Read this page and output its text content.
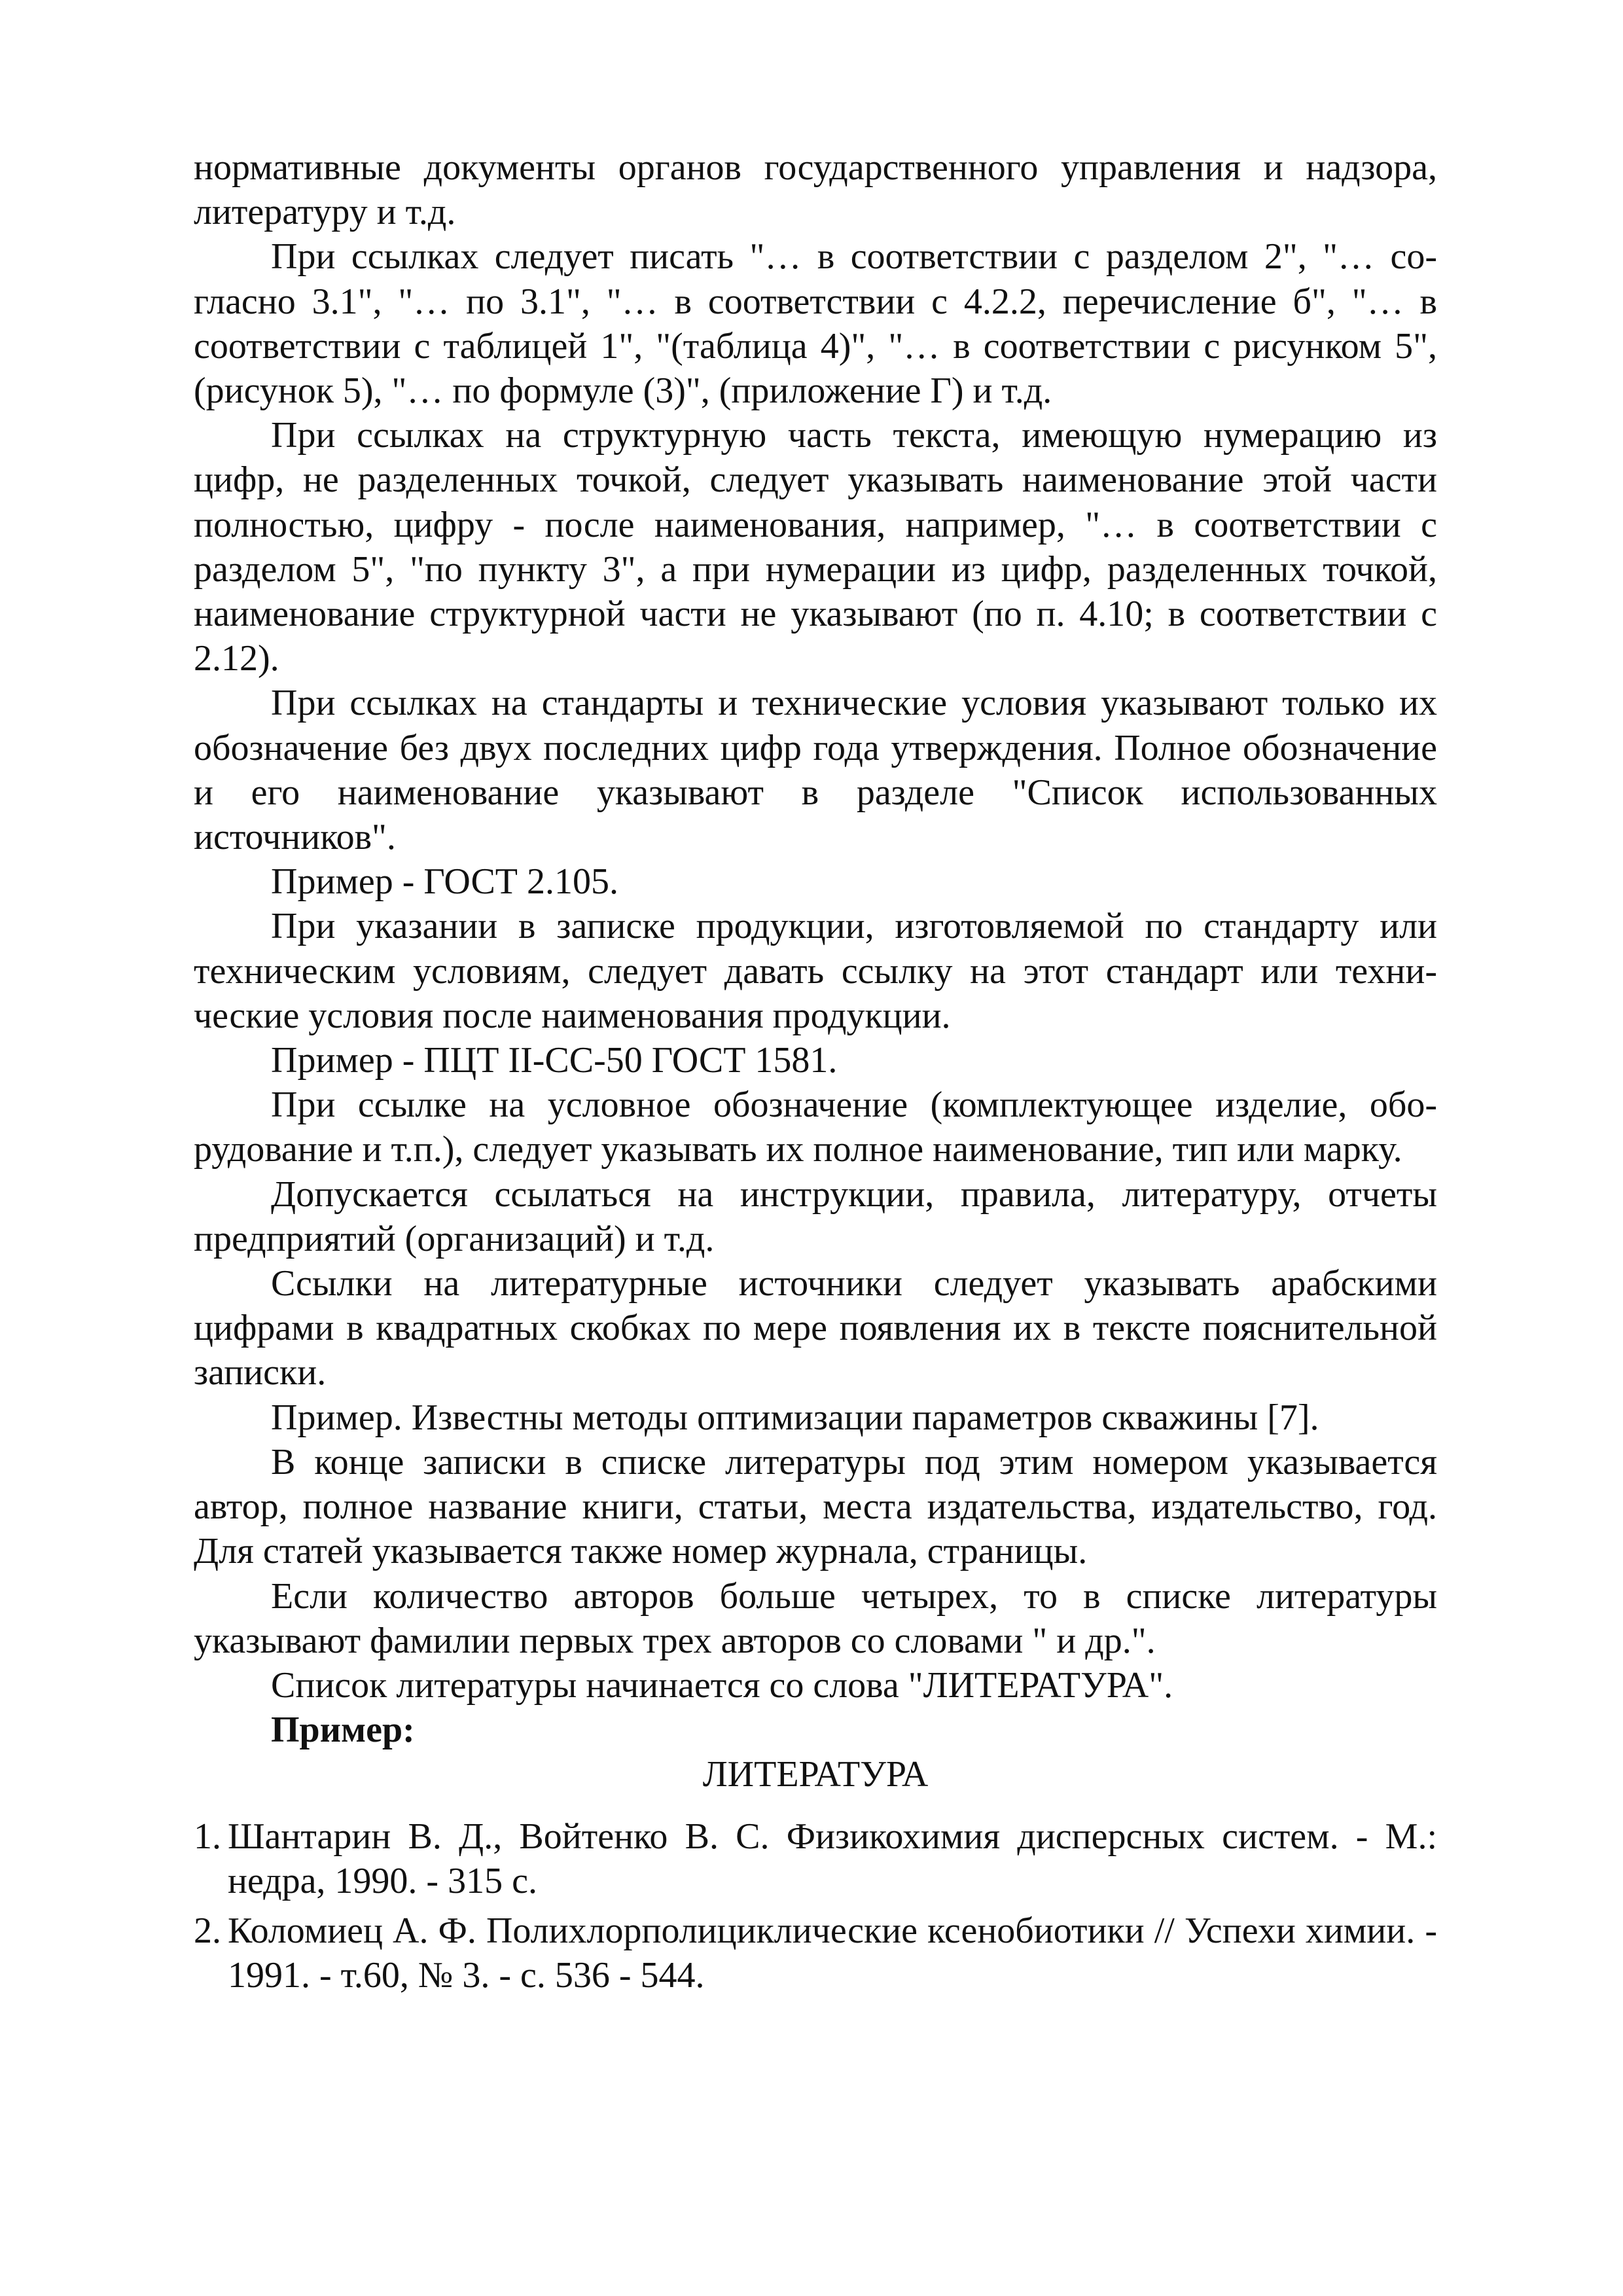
нормативные документы органов государственного управления и надзора, литературу и т.д.

При ссылках следует писать "… в соответствии с разделом 2", "… согласно 3.1", "… по 3.1", "… в соответствии с 4.2.2, перечисление б", "… в соответствии с таблицей 1", "(таблица 4)", "… в соответствии с рисунком 5", (рисунок 5), "… по формуле (3)", (приложение Г) и т.д.

При ссылках на структурную часть текста, имеющую нумерацию из цифр, не разделенных точкой, следует указывать наименование этой части полностью, цифру - после наименования, например, "… в соответствии с разделом 5", "по пункту 3", а при нумерации из цифр, разделенных точкой, наименование структурной части не указывают (по п. 4.10; в соответствии с 2.12).

При ссылках на стандарты и технические условия указывают только их обозначение без двух последних цифр года утверждения. Полное обозначение и его наименование указывают в разделе "Список использованных источников".

Пример - ГОСТ 2.105.

При указании в записке продукции, изготовляемой по стандарту или техническим условиям, следует давать ссылку на этот стандарт или технические условия после наименования продукции.

Пример - ПЦТ II-СС-50 ГОСТ 1581.

При ссылке на условное обозначение (комплектующее изделие, оборудование и т.п.), следует указывать их полное наименование, тип или марку.

Допускается ссылаться на инструкции, правила, литературу, отчеты предприятий (организаций) и т.д.

Ссылки на литературные источники следует указывать арабскими цифрами в квадратных скобках по мере появления их в тексте пояснительной записки.

Пример. Известны методы оптимизации параметров скважины [7].

В конце записки в списке литературы под этим номером указывается автор, полное название книги, статьи, места издательства, издательство, год. Для статей указывается также номер журнала, страницы.

Если количество авторов больше четырех, то в списке литературы указывают фамилии первых трех авторов со словами " и др.".

Список литературы начинается со слова "ЛИТЕРАТУРА".

Пример:

ЛИТЕРАТУРА

1. Шантарин В. Д., Войтенко В. С. Физикохимия дисперсных систем. - М.: недра, 1990. - 315 с.
2. Коломиец А. Ф. Полихлорполициклические ксенобиотики // Успехи химии. - 1991. - т.60, № 3. - с. 536 - 544.
